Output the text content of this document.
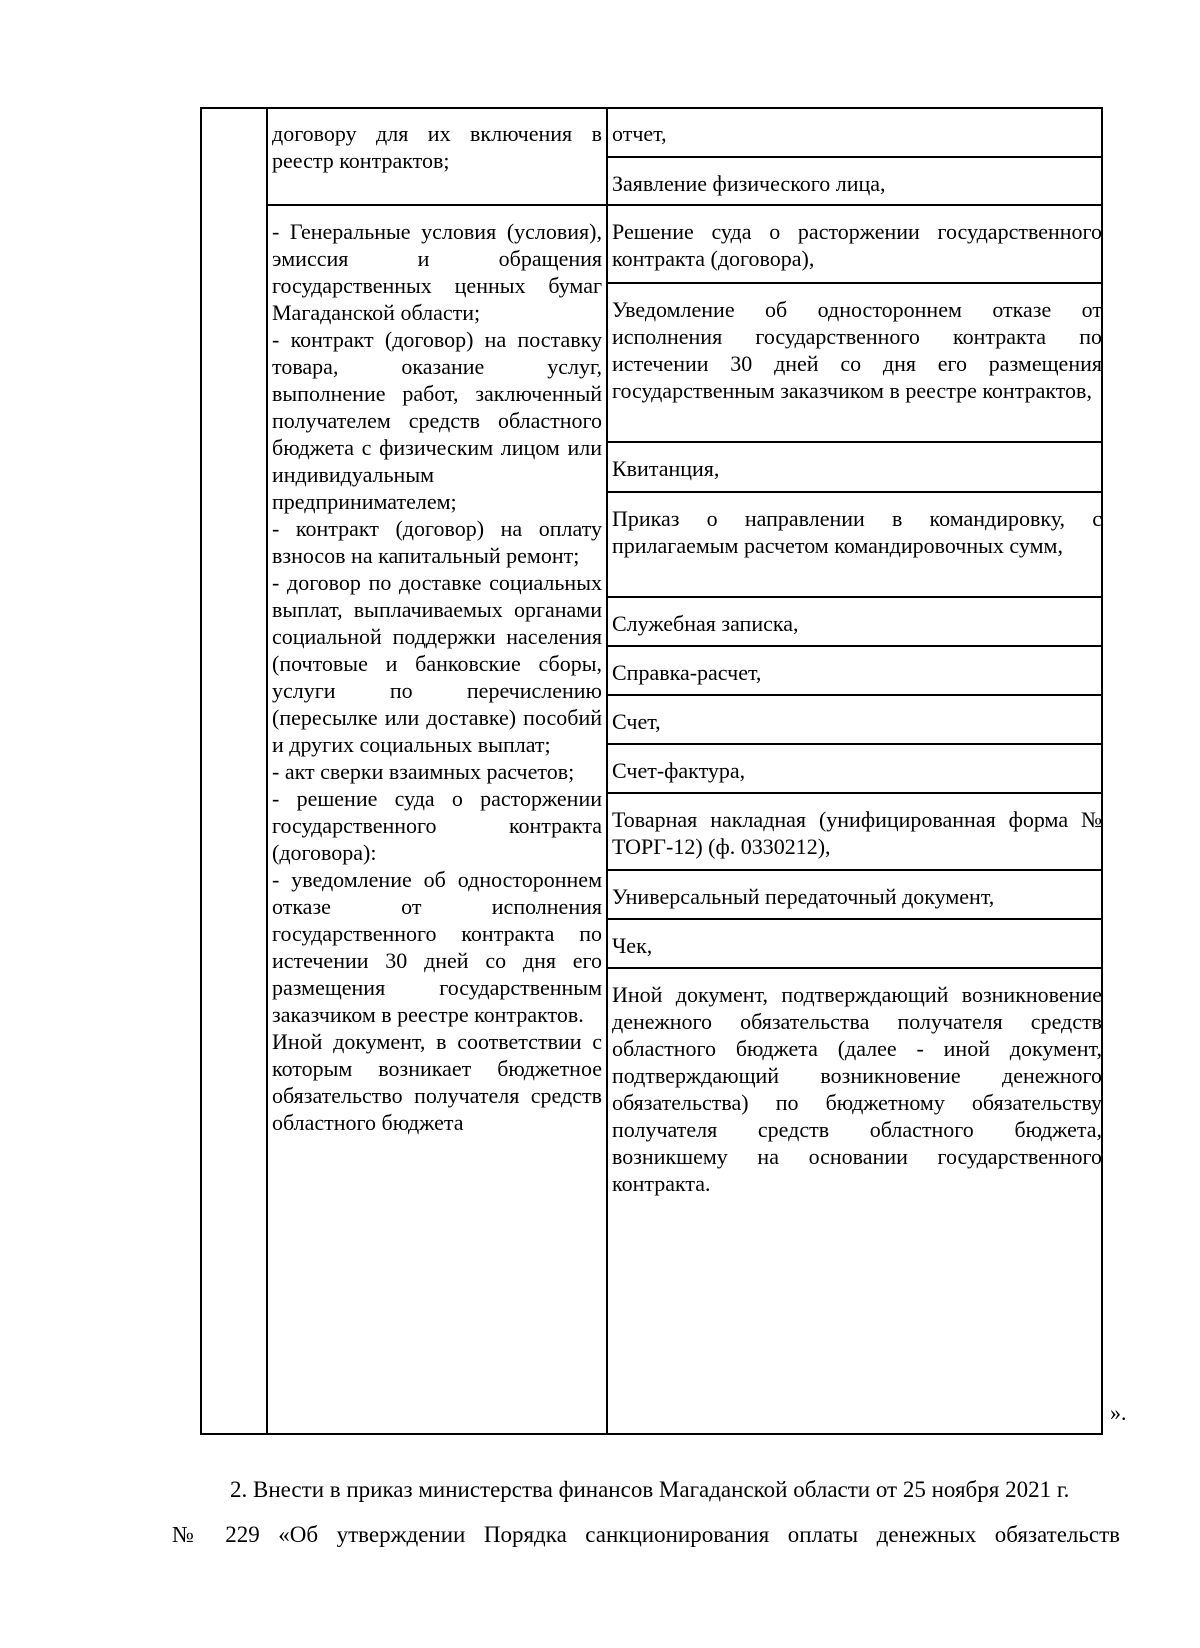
договору для их включения в реестр контрактов;

отчет,

Заявление физического лица,

Решение суда о расторжении государственного контракта (договора),

Уведомление об одностороннем отказе от исполнения государственного контракта по истечении 30 дней со дня его размещения государственным заказчиком в реестре контрактов,

Квитанция,

Приказ о направлении в командировку, с прилагаемым расчетом командировочных сумм,

Служебная записка,

Справка-расчет,

Счет,

Счет-фактура,

Товарная накладная (унифицированная форма № ТОРГ-12) (ф. 0330212),

Универсальный передаточный документ,

Чек,

Иной документ, подтверждающий возникновение денежного обязательства получателя средств областного бюджета (далее - иной документ, подтверждающий возникновение денежного обязательства) по бюджетному обязательству получателя средств областного бюджета, возникшему на основании государственного контракта.

- Генеральные условия (условия), эмиссия и обращения государственных ценных бумаг Магаданской области;

- контракт (договор) на поставку товара, оказание услуг, выполнение работ, заключенный получателем средств областного бюджета с физическим лицом или индивидуальным предпринимателем;

- контракт (договор) на оплату взносов на капитальный ремонт;

- договор по доставке социальных выплат, выплачиваемых органами социальной поддержки населения (почтовые и банковские сборы, услуги по перечислению (пересылке или доставке) пособий и других социальных выплат;

- акт сверки взаимных расчетов;

- решение суда о расторжении государственного контракта (договора):

- уведомление об одностороннем отказе от исполнения государственного контракта по истечении 30 дней со дня его размещения государственным заказчиком в реестре контрактов.

Иной документ, в соответствии с которым возникает бюджетное обязательство получателя средств областного бюджета

».
2. Внести в приказ министерства финансов Магаданской области от 25 ноября 2021 г.
№ 229 «Об утверждении Порядка санкционирования оплаты денежных обязательств
